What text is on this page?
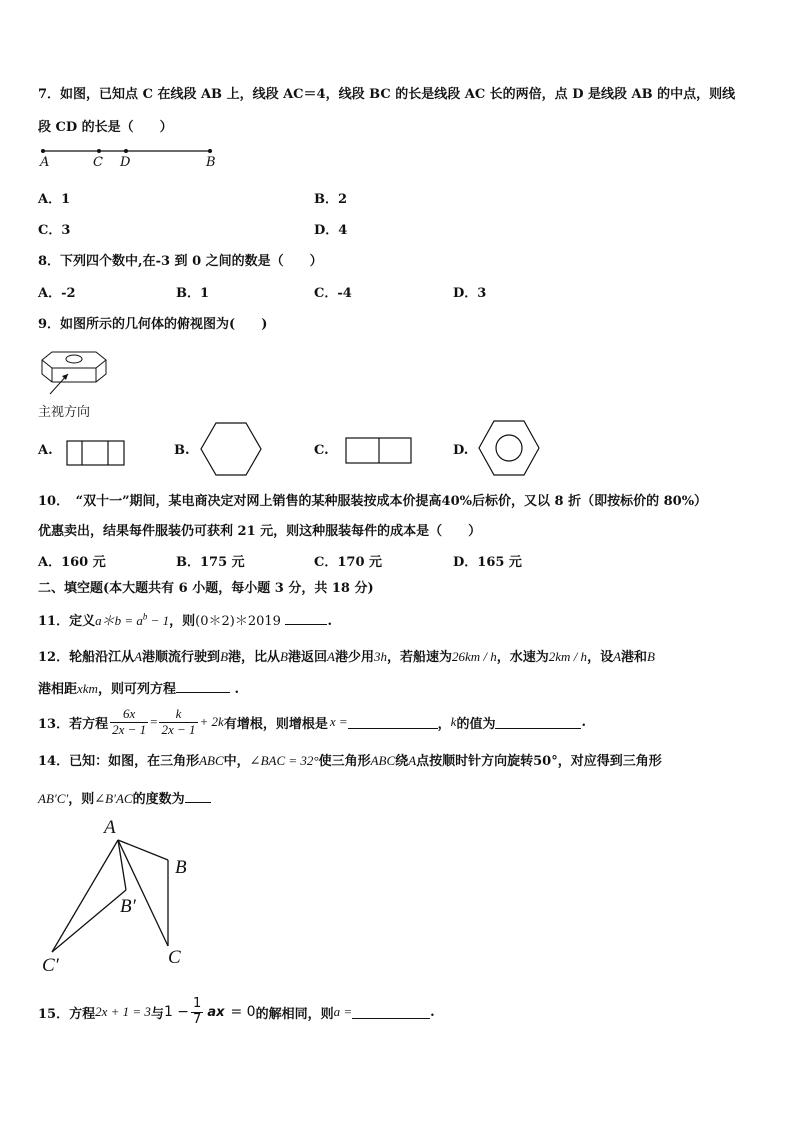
7．如图，已知点 C 在线段 AB 上，线段 AC＝4，线段 BC 的长是线段 AC 长的两倍，点 D 是线段 AB 的中点，则线
段 CD 的长是（　　）
A	C D	B
A．1	B．2
C．3	D．4
8．下列四个数中,在-3 到 0 之间的数是（　　）
A．-2	B．1	C．-4	D．3
9．如图所示的几何体的俯视图为(　　)
主视方向
A.	B.	C.	D.
10．　“双十一”期间，某电商决定对网上销售的某种服装按成本价提高40%后标价，又以 8 折（即按标价的 80%）
优惠卖出，结果每件服装仍可获利 21 元，则这种服装每件的成本是（　　）
A．160 元	B．175 元	C．170 元	D．165 元
二、填空题(本大题共有 6 小题，每小题 3 分，共 18 分)
11．定义a＊b = $a^b - 1$，则(0＊2)＊2019	.
12．轮船沿江从A港顺流行驶到B港，比从B港返回A港少用3h，若船速为26km / h，水速为2km / h，设A港和B
港相距xkm，则可列方程	.
13．若方程 $\frac{6x}{2x - 1} = \frac{k}{2x - 1} + 2k$ 有增根，则增根是 x =	， k 的值为	.
14．已知：如图，在三角形ABC中，∠BAC = 32°使三角形ABC绕A点按顺时针方向旋转50°，对应得到三角形
AB′C′，则∠B′AC的度数为
A
B
B′
C
C′
15．方程 2x + 1 = 3 与 $1 - \frac{1}{7}$ ax = 0 的解相同，则 a =	.
